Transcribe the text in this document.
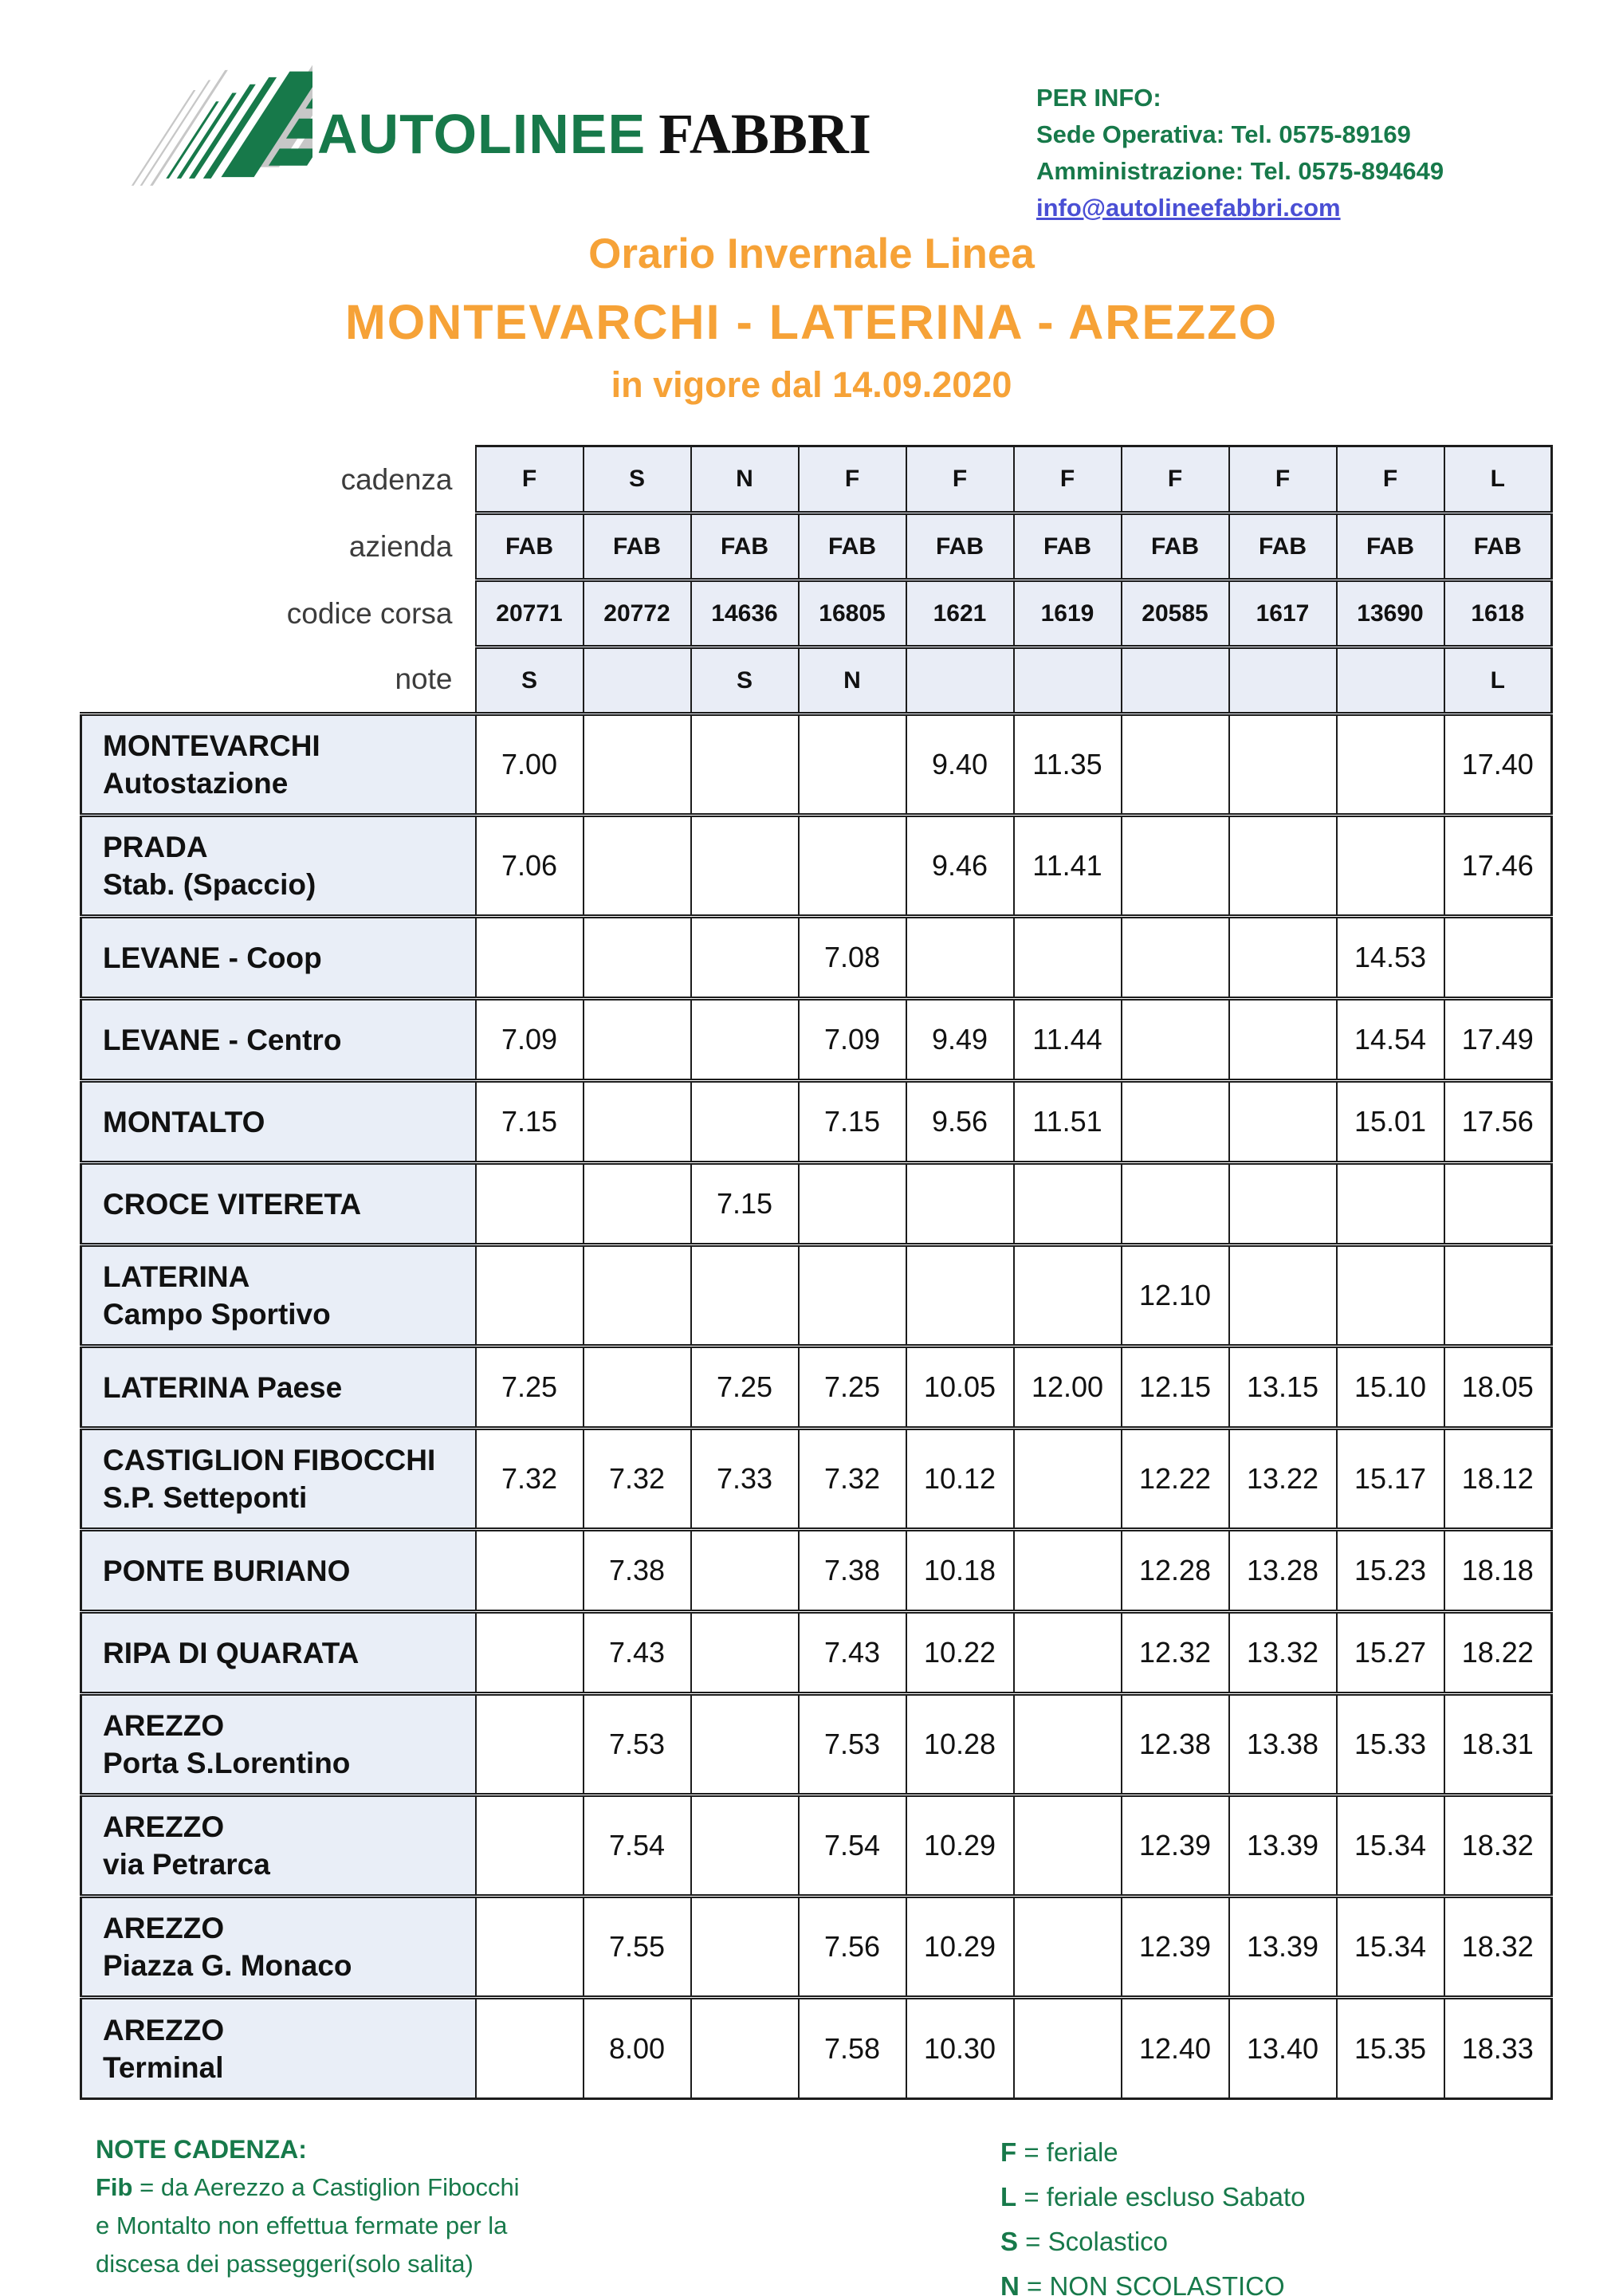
AUTOLINEE FABBRI
PER INFO:
Sede Operativa: Tel. 0575-89169
Amministrazione: Tel. 0575-894649
info@autolineefabbri.com
Orario Invernale Linea
MONTEVARCHI - LATERINA - AREZZO
in vigore dal 14.09.2020
cadenza	F	S	N	F	F	F	F	F	F	L
azienda	FAB	FAB	FAB	FAB	FAB	FAB	FAB	FAB	FAB	FAB
codice corsa	20771	20772	14636	16805	1621	1619	20585	1617	13690	1618
note	S		S	N						L

MONTEVARCHI
Autostazione	7.00				9.40	11.35				17.40

PRADA
Stab. (Spaccio)	7.06				9.46	11.41				17.46

LEVANE - Coop				7.08					14.53	

LEVANE - Centro	7.09			7.09	9.49	11.44			14.54	17.49

MONTALTO	7.15			7.15	9.56	11.51			15.01	17.56

CROCE VITERETA			7.15							

LATERINA
Campo Sportivo							12.10			

LATERINA Paese	7.25		7.25	7.25	10.05	12.00	12.15	13.15	15.10	18.05

CASTIGLION FIBOCCHI
S.P. Setteponti	7.32	7.32	7.33	7.32	10.12		12.22	13.22	15.17	18.12

PONTE BURIANO		7.38		7.38	10.18		12.28	13.28	15.23	18.18

RIPA DI QUARATA		7.43		7.43	10.22		12.32	13.32	15.27	18.22

AREZZO
Porta S.Lorentino		7.53		7.53	10.28		12.38	13.38	15.33	18.31

AREZZO
via Petrarca		7.54		7.54	10.29		12.39	13.39	15.34	18.32

AREZZO
Piazza G. Monaco		7.55		7.56	10.29		12.39	13.39	15.34	18.32

AREZZO
Terminal		8.00		7.58	10.30		12.40	13.40	15.35	18.33
NOTE CADENZA:
Fib = da Aerezzo a Castiglion Fibocchi
e Montalto non effettua fermate per la
discesa dei passeggeri(solo salita)
F = feriale
L = feriale escluso Sabato
S = Scolastico
N = NON SCOLASTICO
